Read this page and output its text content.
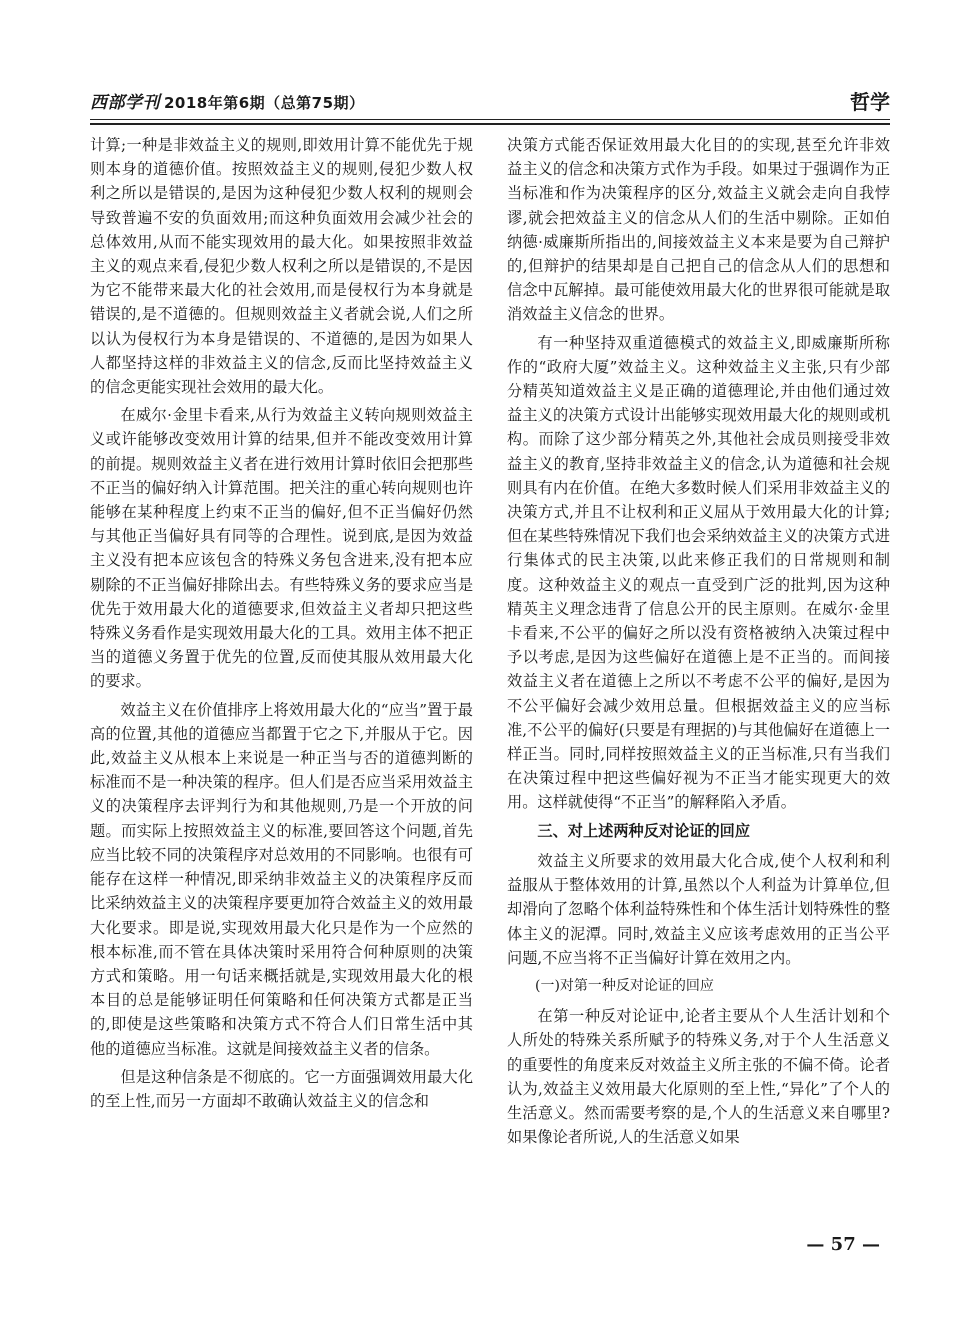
西部学刊 2018年第6期（总第75期）	哲学

计算;一种是非效益主义的规则,即效用计算不能优先于规则本身的道德价值。按照效益主义的规则,侵犯少数人权利之所以是错误的,是因为这种侵犯少数人权利的规则会导致普遍不安的负面效用;而这种负面效用会减少社会的总体效用,从而不能实现效用的最大化。如果按照非效益主义的观点来看,侵犯少数人权利之所以是错误的,不是因为它不能带来最大化的社会效用,而是侵权行为本身就是错误的,是不道德的。但规则效益主义者就会说,人们之所以认为侵权行为本身是错误的、不道德的,是因为如果人人都坚持这样的非效益主义的信念,反而比坚持效益主义的信念更能实现社会效用的最大化。

在威尔·金里卡看来,从行为效益主义转向规则效益主义或许能够改变效用计算的结果,但并不能改变效用计算的前提。规则效益主义者在进行效用计算时依旧会把那些不正当的偏好纳入计算范围。把关注的重心转向规则也许能够在某种程度上约束不正当的偏好,但不正当偏好仍然与其他正当偏好具有同等的合理性。说到底,是因为效益主义没有把本应该包含的特殊义务包含进来,没有把本应剔除的不正当偏好排除出去。有些特殊义务的要求应当是优先于效用最大化的道德要求,但效益主义者却只把这些特殊义务看作是实现效用最大化的工具。效用主体不把正当的道德义务置于优先的位置,反而使其服从效用最大化的要求。

效益主义在价值排序上将效用最大化的“应当”置于最高的位置,其他的道德应当都置于它之下,并服从于它。因此,效益主义从根本上来说是一种正当与否的道德判断的标准而不是一种决策的程序。但人们是否应当采用效益主义的决策程序去评判行为和其他规则,乃是一个开放的问题。而实际上按照效益主义的标准,要回答这个问题,首先应当比较不同的决策程序对总效用的不同影响。也很有可能存在这样一种情况,即采纳非效益主义的决策程序反而比采纳效益主义的决策程序要更加符合效益主义的效用最大化要求。即是说,实现效用最大化只是作为一个应然的根本标准,而不管在具体决策时采用符合何种原则的决策方式和策略。用一句话来概括就是,实现效用最大化的根本目的总是能够证明任何策略和任何决策方式都是正当的,即使是这些策略和决策方式不符合人们日常生活中其他的道德应当标准。这就是间接效益主义者的信条。

但是这种信条是不彻底的。它一方面强调效用最大化的至上性,而另一方面却不敢确认效益主义的信念和

决策方式能否保证效用最大化目的的实现,甚至允许非效益主义的信念和决策方式作为手段。如果过于强调作为正当标准和作为决策程序的区分,效益主义就会走向自我悖谬,就会把效益主义的信念从人们的生活中剔除。正如伯纳德·威廉斯所指出的,间接效益主义本来是要为自己辩护的,但辩护的结果却是自己把自己的信念从人们的思想和信念中瓦解掉。最可能使效用最大化的世界很可能就是取消效益主义信念的世界。

有一种坚持双重道德模式的效益主义,即威廉斯所称作的“政府大厦”效益主义。这种效益主义主张,只有少部分精英知道效益主义是正确的道德理论,并由他们通过效益主义的决策方式设计出能够实现效用最大化的规则或机构。而除了这少部分精英之外,其他社会成员则接受非效益主义的教育,坚持非效益主义的信念,认为道德和社会规则具有内在价值。在绝大多数时候人们采用非效益主义的决策方式,并且不让权利和正义屈从于效用最大化的计算;但在某些特殊情况下我们也会采纳效益主义的决策方式进行集体式的民主决策,以此来修正我们的日常规则和制度。这种效益主义的观点一直受到广泛的批判,因为这种精英主义理念违背了信息公开的民主原则。在威尔·金里卡看来,不公平的偏好之所以没有资格被纳入决策过程中予以考虑,是因为这些偏好在道德上是不正当的。而间接效益主义者在道德上之所以不考虑不公平的偏好,是因为不公平偏好会减少效用总量。但根据效益主义的应当标准,不公平的偏好(只要是有理据的)与其他偏好在道德上一样正当。同时,同样按照效益主义的正当标准,只有当我们在决策过程中把这些偏好视为不正当才能实现更大的效用。这样就使得“不正当”的解释陷入矛盾。

三、对上述两种反对论证的回应

效益主义所要求的效用最大化合成,使个人权利和利益服从于整体效用的计算,虽然以个人利益为计算单位,但却滑向了忽略个体利益特殊性和个体生活计划特殊性的整体主义的泥潭。同时,效益主义应该考虑效用的正当公平问题,不应当将不正当偏好计算在效用之内。

(一)对第一种反对论证的回应

在第一种反对论证中,论者主要从个人生活计划和个人所处的特殊关系所赋予的特殊义务,对于个人生活意义的重要性的角度来反对效益主义所主张的不偏不倚。论者认为,效益主义效用最大化原则的至上性,“异化”了个人的生活意义。然而需要考察的是,个人的生活意义来自哪里?如果像论者所说,人的生活意义如果

— 57 —
